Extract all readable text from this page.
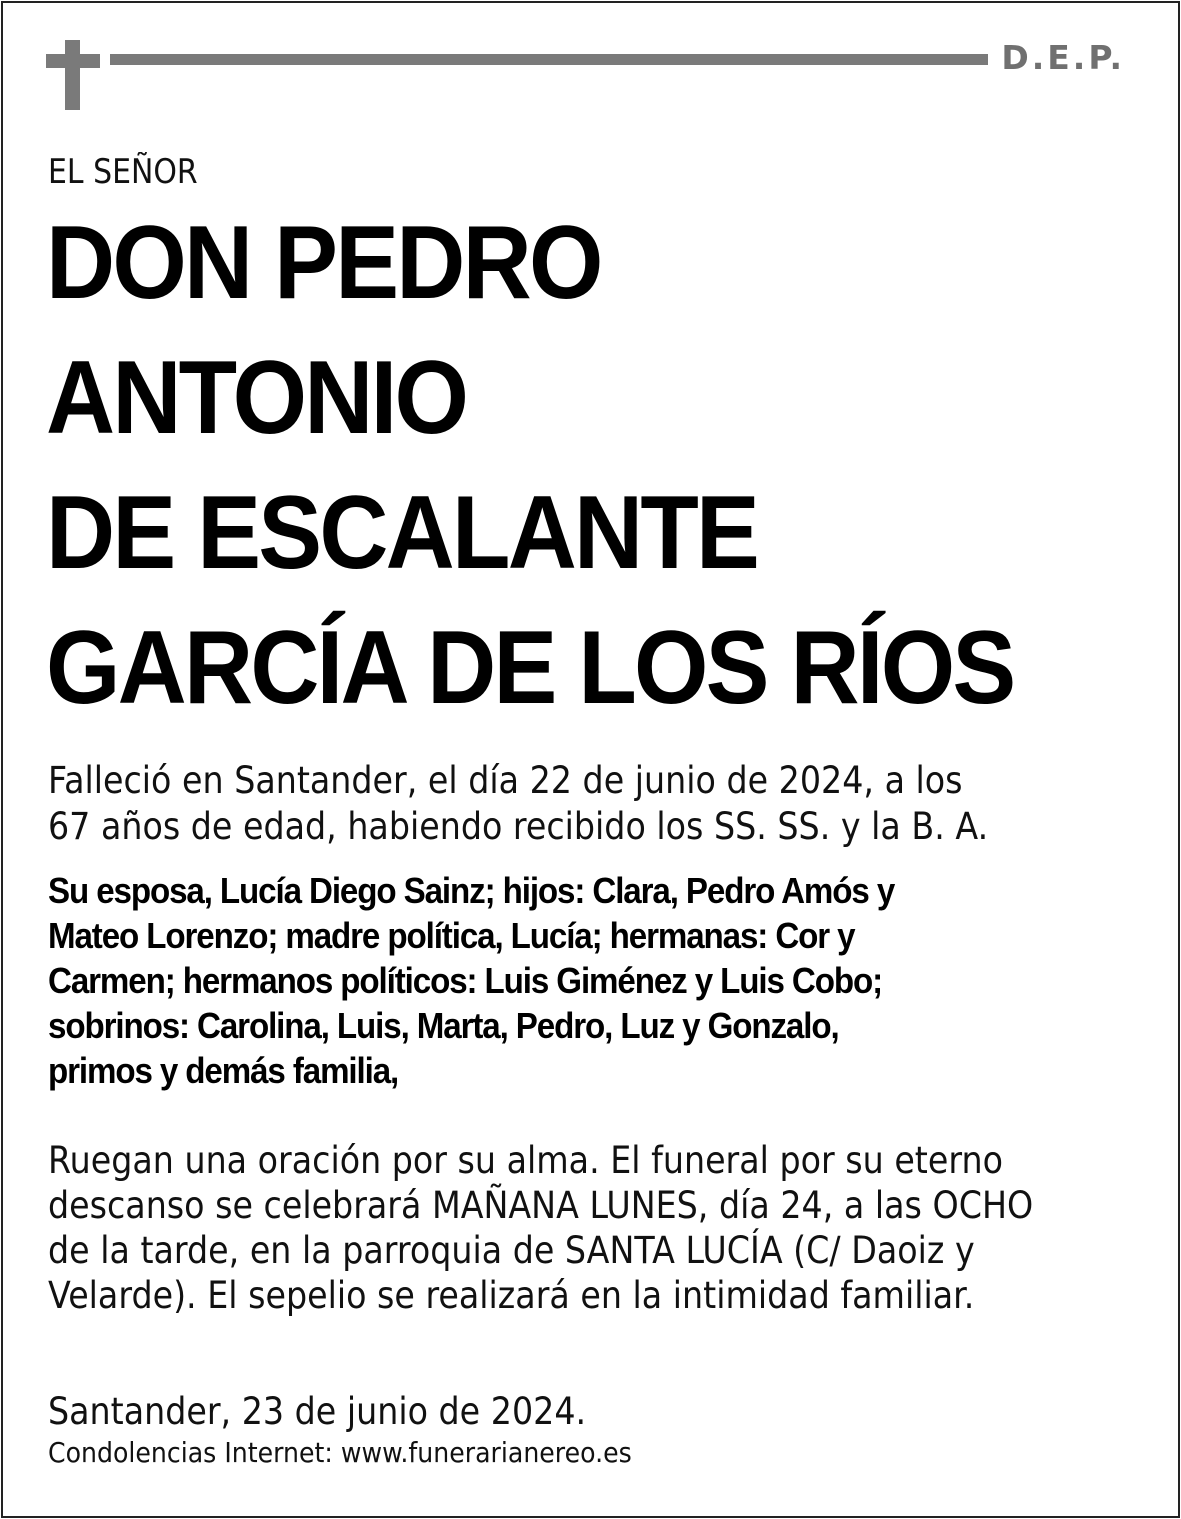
D.E.P.
EL SEÑOR
DON PEDRO
ANTONIO
DE ESCALANTE
GARCÍA DE LOS RÍOS
Falleció en Santander, el día 22 de junio de 2024, a los
67 años de edad, habiendo recibido los SS. SS. y la B. A.
Su esposa, Lucía Diego Sainz; hijos: Clara, Pedro Amós y
Mateo Lorenzo; madre política, Lucía; hermanas: Cor y
Carmen; hermanos políticos: Luis Giménez y Luis Cobo;
sobrinos: Carolina, Luis, Marta, Pedro, Luz y Gonzalo,
primos y demás familia,
Ruegan una oración por su alma. El funeral por su eterno
descanso se celebrará MAÑANA LUNES, día 24, a las OCHO
de la tarde, en la parroquia de SANTA LUCÍA (C/ Daoiz y
Velarde). El sepelio se realizará en la intimidad familiar.
Santander, 23 de junio de 2024.
Condolencias Internet: www.funerarianereo.es
